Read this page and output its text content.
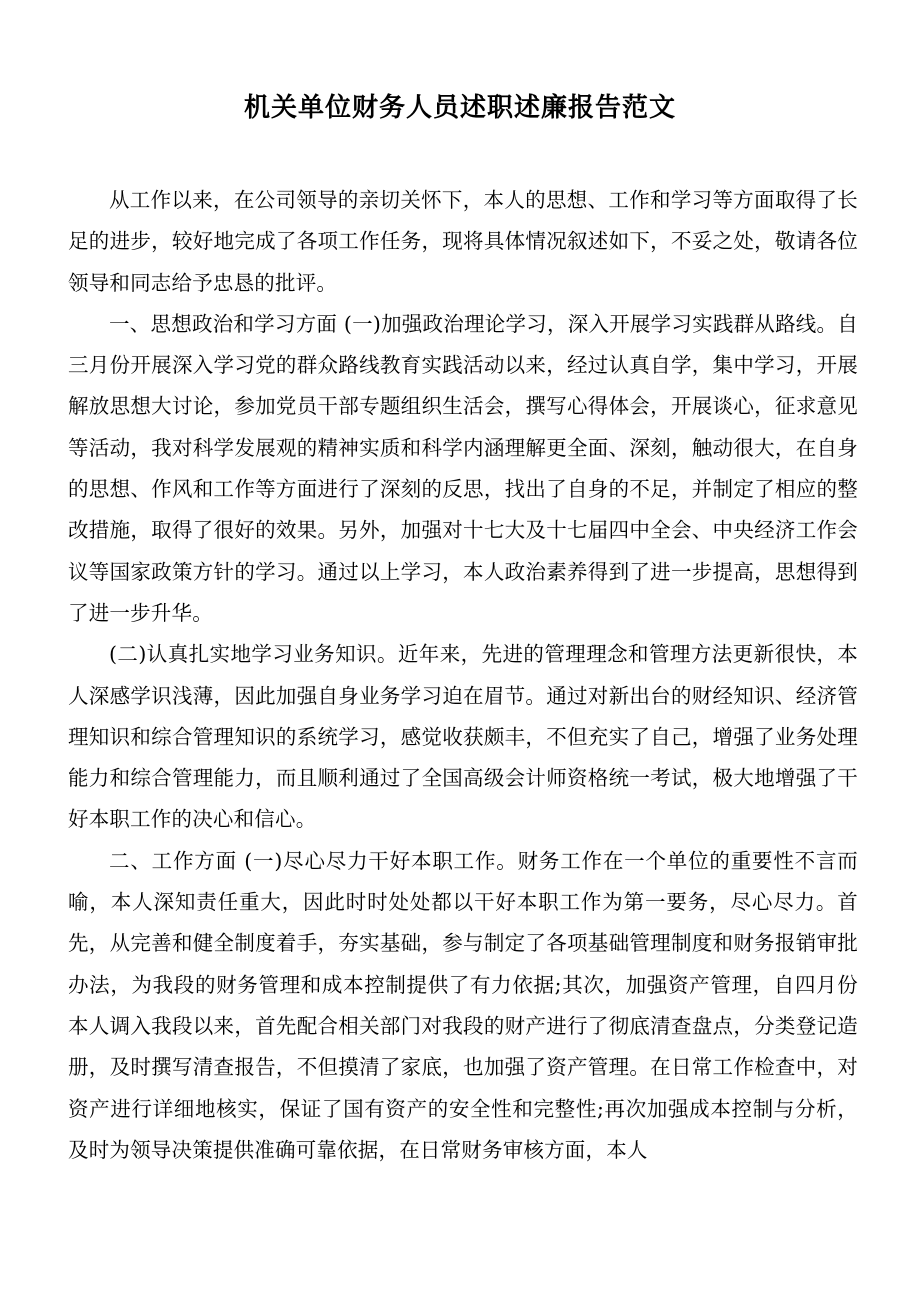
机关单位财务人员述职述廉报告范文

从工作以来，在公司领导的亲切关怀下，本人的思想、工作和学习等方面取得了长足的进步，较好地完成了各项工作任务，现将具体情况叙述如下，不妥之处，敬请各位领导和同志给予忠恳的批评。

一、思想政治和学习方面 (一)加强政治理论学习，深入开展学习实践群从路线。自三月份开展深入学习党的群众路线教育实践活动以来，经过认真自学，集中学习，开展解放思想大讨论，参加党员干部专题组织生活会，撰写心得体会，开展谈心，征求意见等活动，我对科学发展观的精神实质和科学内涵理解更全面、深刻，触动很大，在自身的思想、作风和工作等方面进行了深刻的反思，找出了自身的不足，并制定了相应的整改措施，取得了很好的效果。另外，加强对十七大及十七届四中全会、中央经济工作会议等国家政策方针的学习。通过以上学习，本人政治素养得到了进一步提高，思想得到了进一步升华。

(二)认真扎实地学习业务知识。近年来，先进的管理理念和管理方法更新很快，本人深感学识浅薄，因此加强自身业务学习迫在眉节。通过对新出台的财经知识、经济管理知识和综合管理知识的系统学习，感觉收获颇丰，不但充实了自己，增强了业务处理能力和综合管理能力，而且顺利通过了全国高级会计师资格统一考试，极大地增强了干好本职工作的决心和信心。

二、工作方面 (一)尽心尽力干好本职工作。财务工作在一个单位的重要性不言而喻，本人深知责任重大，因此时时处处都以干好本职工作为第一要务，尽心尽力。首先，从完善和健全制度着手，夯实基础，参与制定了各项基础管理制度和财务报销审批办法，为我段的财务管理和成本控制提供了有力依据;其次，加强资产管理，自四月份本人调入我段以来，首先配合相关部门对我段的财产进行了彻底清查盘点，分类登记造册，及时撰写清查报告，不但摸清了家底，也加强了资产管理。在日常工作检查中，对资产进行详细地核实，保证了国有资产的安全性和完整性;再次加强成本控制与分析，及时为领导决策提供准确可靠依据，在日常财务审核方面，本人
